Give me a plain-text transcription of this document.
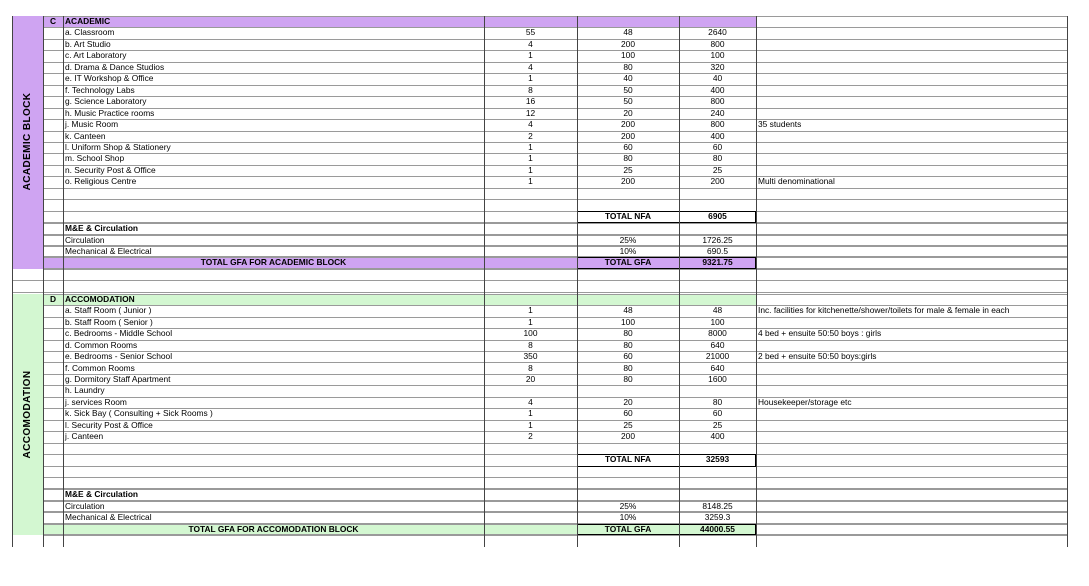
ACADEMIC BLOCK
C	ACADEMIC
a. Classroom	55	48	2640
b. Art Studio	4	200	800
c. Art Laboratory	1	100	100
d. Drama & Dance Studios	4	80	320
e. IT Workshop & Office	1	40	40
f. Technology Labs	8	50	400
g. Science Laboratory	16	50	800
h. Music Practice rooms	12	20	240
j. Music Room	4	200	800	35 students
k. Canteen	2	200	400
l. Uniform Shop & Stationery	1	60	60
m. School Shop	1	80	80
n. Security Post & Office	1	25	25
o. Religious Centre	1	200	200	Multi denominational
TOTAL NFA	6905
M&E & Circulation
Circulation	25%	1726.25
Mechanical & Electrical	10%	690.5
TOTAL GFA FOR ACADEMIC BLOCK	TOTAL GFA	9321.75
ACCOMODATION
D	ACCOMODATION
a. Staff Room ( Junior )	1	48	48	Inc. facilities for kitchenette/shower/toilets for male & female in each
b. Staff Room ( Senior )	1	100	100
c. Bedrooms - Middle School	100	80	8000	4 bed + ensuite 50:50 boys : girls
d. Common Rooms	8	80	640
e. Bedrooms - Senior School	350	60	21000	2 bed + ensuite 50:50 boys:girls
f. Common Rooms	8	80	640
g. Dormitory Staff Apartment	20	80	1600
h. Laundry
j. services Room	4	20	80	Housekeeper/storage etc
k. Sick Bay ( Consulting + Sick Rooms )	1	60	60
l. Security Post & Office	1	25	25
j. Canteen	2	200	400
TOTAL NFA	32593
M&E & Circulation
Circulation	25%	8148.25
Mechanical & Electrical	10%	3259.3
TOTAL GFA FOR ACCOMODATION BLOCK	TOTAL GFA	44000.55
